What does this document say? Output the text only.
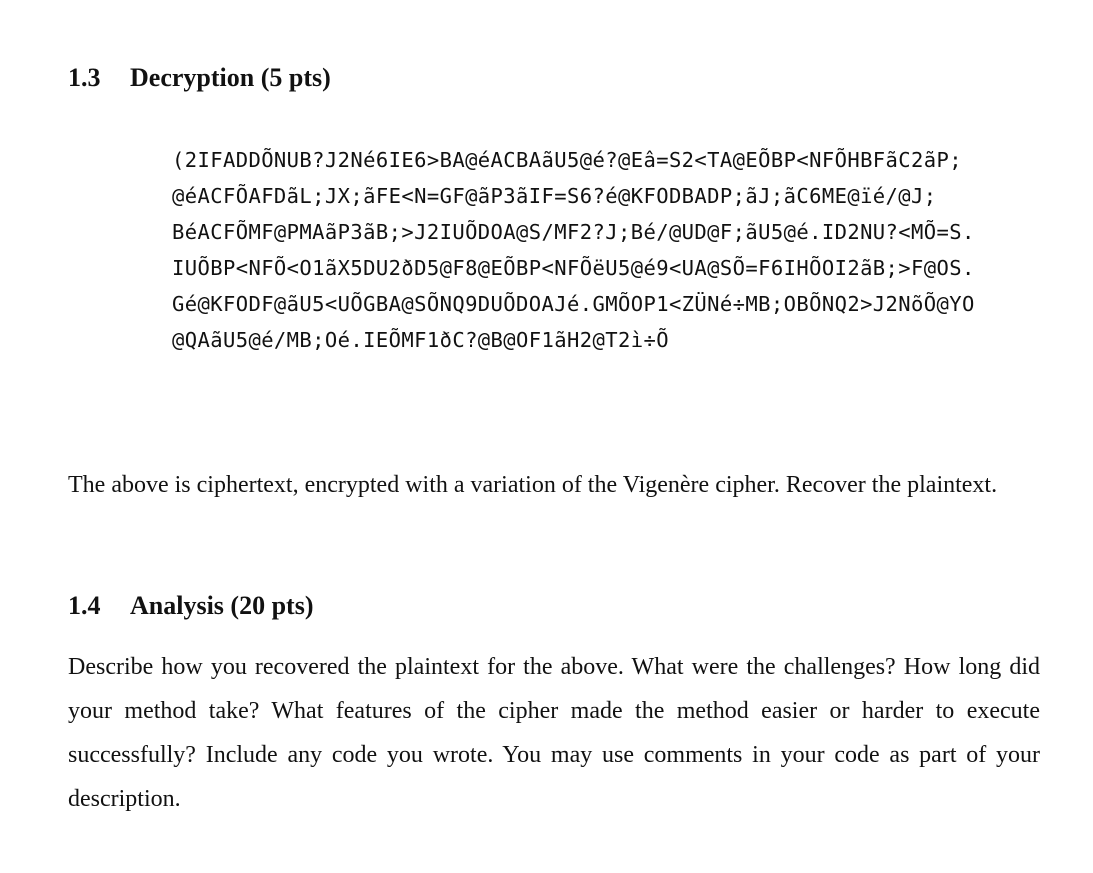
1.3 Decryption (5 pts)
(2IFADDÕNUB?J2Né6IE6>BA@éACBAãU5@é?@Eâ=S2<TA@EÕBP<NFÕHBFãC2ãP;
@éACFÕAFDãL;JX;ãFE<N=GF@ãP3ãIF=S6?é@KFODBADP;ãJ;ãC6ME@ïé/@J;
BéACFÕMF@PMAãP3ãB;>J2IUÕDOA@S/MF2?J;Bé/@UD@F;ãU5@é.ID2NU?<MÕ=S.
IUÕBP<NFÕ<O1ãX5DU2ðD5@F8@EÕBP<NFÕëU5@é9<UA@SÕ=F6IHÕOI2ãB;>F@OS.
Gé@KFODF@ãU5<UÕGBA@SÕNQ9DUÕDOAJé.GMÕOP1<ZÜNé÷MB;OBÕNQ2>J2NõÕ@YO
@QAãU5@é/MB;Oé.IEÕMF1ðC?@B@OF1ãH2@T2ì÷Õ

The above is ciphertext, encrypted with a variation of the Vigenère cipher. Recover the plaintext.

1.4 Analysis (20 pts)

Describe how you recovered the plaintext for the above. What were the challenges? How long did your method take? What features of the cipher made the method easier or harder to execute successfully? Include any code you wrote. You may use comments in your code as part of your description.
